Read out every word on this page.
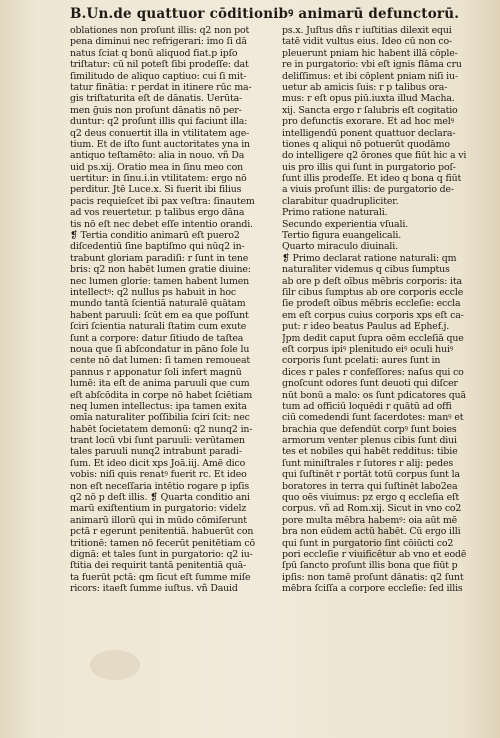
B.Un.de quattuor cōditionibꝰ animarū defunctorū.
oblationes non proſunt illis: q2 non pot
pena diminui nec refrigerari: imo ſi dā
natus ſciat q bonū aliquod fiat.p ipſo
triſtatur: cū nil poteſt ſibi prodeſſe: dat
ſimilitudo de aliquo captiuo: cui ſi mit-
tatur finātia: r perdat in itinere rūc ma-
gis triſtaturita eſt de dānatis. Uerūta-
men ḡuis non proſunt dānatis nō per-
duntur: q2 proſunt illis qui faciunt illa:
q2 deus conuertit illa in vtilitatem age-
tium. Et de iſto ſunt auctoritates yna in
antiquo teſtamēto: alia in nouo. vñ Da
uid ps.xij. Oratio mea in ſinu meo con
uertitur: in ſinu.i.in vtilitatem: ergo nō
perditur. Jtē Luce.x. Si fuerit ibi filius
pacis requieſcet ibi pax veſtra: ſinautem
ad vos reuertetur. p talibus ergo dāna
tis nō eſt nec debet eſſe intentio orandi.
❡ Tertia conditio animarū eſt puero2
diſcedentiū ſine baptiſmo qui nūq2 in-
trabunt gloriam paradiſi: r ſunt in tene
bris: q2 non habēt lumen gratie diuine:
nec lumen glorie: tamen habent lumen
intellectꝰ: q2 nullus ps habuit in hoc
mundo tantā ſcientiā naturalē quātam
habent paruuli: ſcūt em ea que poſſunt
ſciri ſcientia naturali ſtatim cum exute
ſunt a corpore: datur ſitiudo de taſtea
noua que ſi abſcondatur in pāno ſole lu
cente nō dat lumen: ſi tamen remoueat
pannus r apponatur ſoli infert magnū
lumē: ita eſt de anima paruuli que cum
eſt abſcōdita in corpe nō habet ſciētiam
neq lumen intellectus: ipa tamen exita
omīa naturaliter poſſibilia ſciri ſcit: nec
habēt ſocietatem demonū: q2 nunq2 in-
trant locū vbi ſunt paruuli: verūtamen
tales paruuli nunq2 intrabunt paradi-
ſum. Et ideo dicit xps Joā.iij. Amē dico
vobis: niſi quis renatꝰ fuerit rc. Et ideo
non eſt neceſſaria intētio rogare p ipſis
q2 nō p deſt illis. ❡ Quarta conditio ani
marū exiſtentium in purgatorio: videlz
animarū illorū qui in mūdo cōmiſerunt
pctā r egerunt penitentiā. habuerūt con
tritionē: tamen nō fecerūt penitētiam cō
dignā: et tales ſunt in purgatorio: q2 iu-
ſtitia dei requirit tantā penitentiā quā-
ta fuerūt pctā: qm ſicut eſt ſumme miſe
ricors: itaeſt ſumme iuſtus. vñ Dauid
ps.x. Juſtus dñs r iuſtitias dilexit equi
tatē vidit vultus eius. Ideo cū non co-
pleuerunt pniam hic habent illā cōple-
re in purgatorio: vbi eſt ignis flāma cru
deliſſimus: et ibi cōplent pniam niſi iu-
uetur ab amicis ſuis: r p talibus ora-
mus: r eſt opus piū.iuxta illud Macha.
xij. Sancta ergo r ſalubris eſt cogitatio
pro defunctis exorare. Et ad hoc melꝰ
intelligendū ponent quattuor declara-
tiones q aliqui nō potuerūt quodāmo
do intelligere q2 ōrones que fiūt hic a vi
uis pro illis qui ſunt in purgatorio poſ-
ſunt illis prodeſſe. Et ideo q bona q fiūt
a viuis proſunt illis: de purgatorio de-
clarabitur quadrupliciter.
Primo ratione naturali.
Secundo experientia vſuali.
Tertio figura euangelicali.
Quarto miraculo diuinali.
❡ Primo declarat ratione naturali: qm
naturaliter videmus q cibus ſumptus
ab ore p deſt oībus mēbris corporis: ita
ſilr cibus ſumptus ab ore corporis eccle
ſie prodeſt oībus mēbris eccleſie: eccl̄a
em eſt corpus cuius corporis xps eſt ca-
put: r ideo beatus Paulus ad Ephef.j.
Jpm dedit caput ſupra oēm eccleſiā que
eſt corpus ipiꝰ plenitudo eiꝰ oculi huiꝰ
corporis ſunt pcelati: aures ſunt in
dices r pales r confeſſores: naſus qui co
gnoſcunt odores ſunt deuoti qui diſcer
nūt bonū a malo: os ſunt pdicatores quā
tum ad officiū loquēdi r quātū ad offi
ciū comedendi ſunt ſacerdotes: manꝰ et
brachia que defendūt corpꝰ ſunt boies
armorum venter plenus cibis ſunt diui
tes et nobiles qui habēt redditus: tibie
ſunt miniſtrales r ſutores r alij: pedes
qui ſuſtinēt r portāt totū corpus ſunt la
boratores in terra qui ſuſtinēt labo2ea
quo oēs viuimus: pz ergo q eccleſia eſt
corpus. vñ ad Rom.xij. Sicut in vno co2
pore multa mēbra habemꝰ: oia aūt mē
bra non eūdem actū habēt. Cū ergo illi
qui ſunt in purgatorio ſint cōiūcti co2
pori eccleſie r viuificētur ab vno et eodē
ſpū ſancto proſunt illis bona que fiūt p
ipſis: non tamē proſunt dānatis: q2 ſunt
mēbra ſciſſa a corpore eccleſie: ſed illis
